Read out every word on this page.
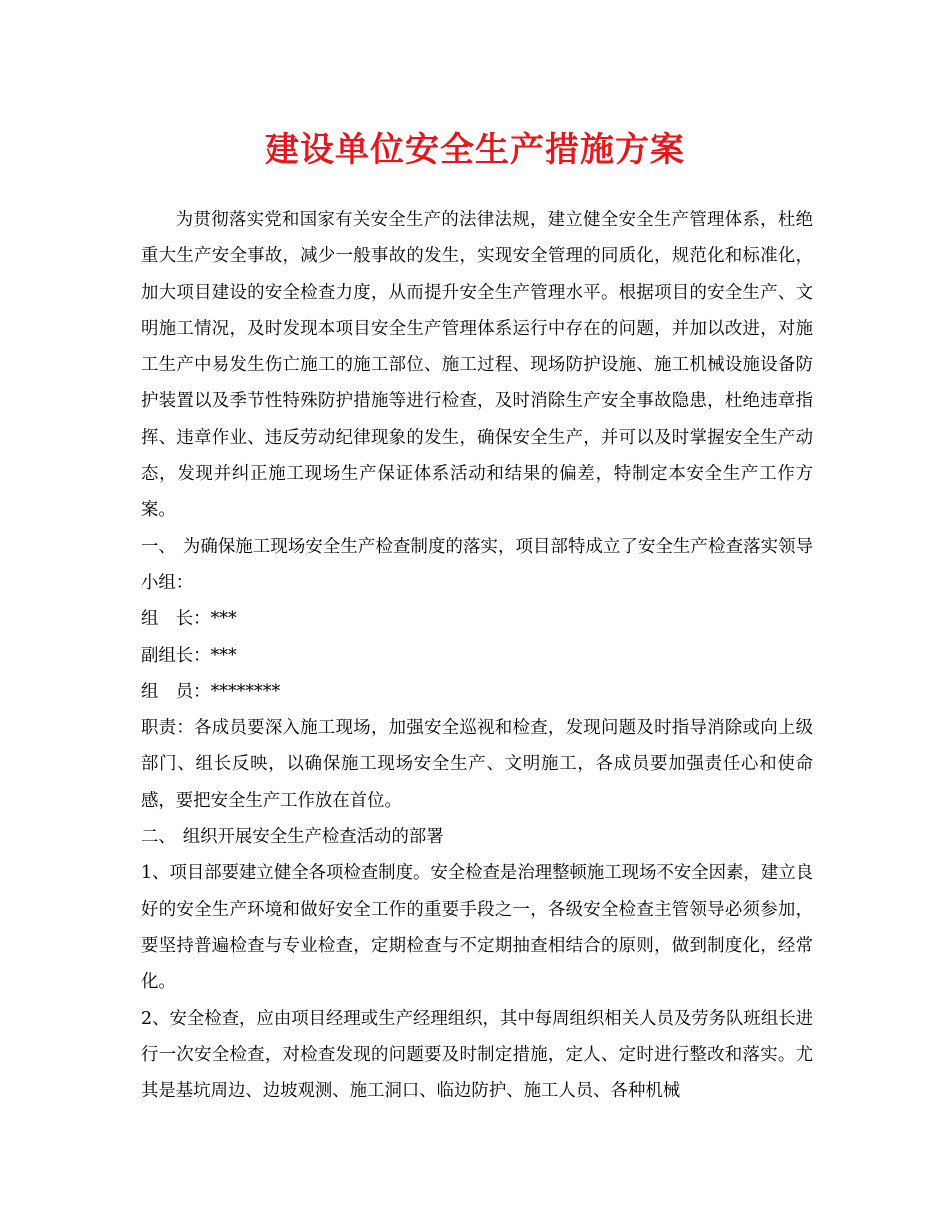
建设单位安全生产措施方案

为贯彻落实党和国家有关安全生产的法律法规，建立健全安全生产管理体系，杜绝重大生产安全事故，减少一般事故的发生，实现安全管理的同质化，规范化和标准化，加大项目建设的安全检查力度，从而提升安全生产管理水平。根据项目的安全生产、文明施工情况，及时发现本项目安全生产管理体系运行中存在的问题，并加以改进，对施工生产中易发生伤亡施工的施工部位、施工过程、现场防护设施、施工机械设施设备防护装置以及季节性特殊防护措施等进行检查，及时消除生产安全事故隐患，杜绝违章指挥、违章作业、违反劳动纪律现象的发生，确保安全生产，并可以及时掌握安全生产动态，发现并纠正施工现场生产保证体系活动和结果的偏差，特制定本安全生产工作方案。

一、 为确保施工现场安全生产检查制度的落实，项目部特成立了安全生产检查落实领导小组：

组　长：***

副组长：***

组　员：********

职责：各成员要深入施工现场，加强安全巡视和检查，发现问题及时指导消除或向上级部门、组长反映，以确保施工现场安全生产、文明施工，各成员要加强责任心和使命感，要把安全生产工作放在首位。

二、 组织开展安全生产检查活动的部署

1、项目部要建立健全各项检查制度。安全检查是治理整顿施工现场不安全因素，建立良好的安全生产环境和做好安全工作的重要手段之一，各级安全检查主管领导必须参加，要坚持普遍检查与专业检查，定期检查与不定期抽查相结合的原则，做到制度化，经常化。

2、安全检查，应由项目经理或生产经理组织，其中每周组织相关人员及劳务队班组长进行一次安全检查，对检查发现的问题要及时制定措施，定人、定时进行整改和落实。尤其是基坑周边、边坡观测、施工洞口、临边防护、施工人员、各种机械
